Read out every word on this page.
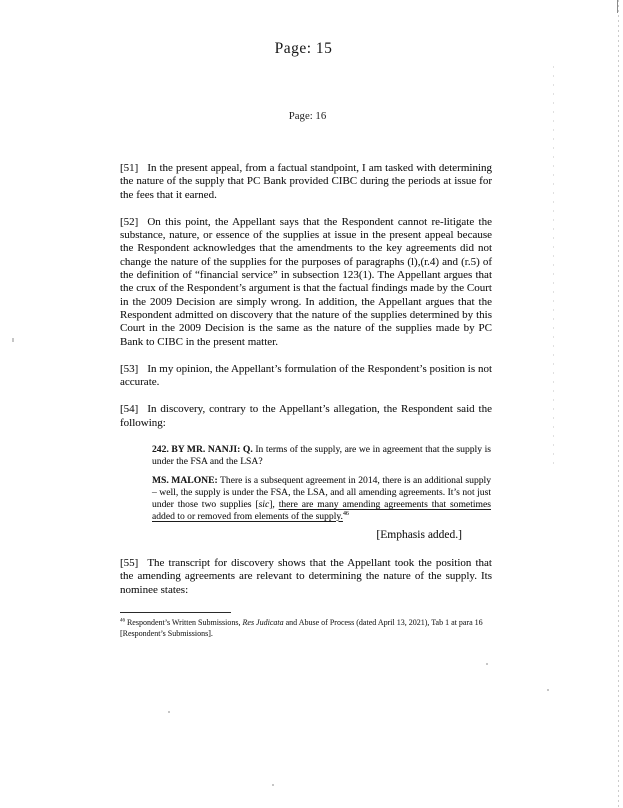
Page: 15
Page: 16

[51] In the present appeal, from a factual standpoint, I am tasked with determining the nature of the supply that PC Bank provided CIBC during the periods at issue for the fees that it earned.

[52] On this point, the Appellant says that the Respondent cannot re-litigate the substance, nature, or essence of the supplies at issue in the present appeal because the Respondent acknowledges that the amendments to the key agreements did not change the nature of the supplies for the purposes of paragraphs (l),(r.4) and (r.5) of the definition of “financial service” in subsection 123(1). The Appellant argues that the crux of the Respondent’s argument is that the factual findings made by the Court in the 2009 Decision are simply wrong. In addition, the Appellant argues that the Respondent admitted on discovery that the nature of the supplies determined by this Court in the 2009 Decision is the same as the nature of the supplies made by PC Bank to CIBC in the present matter.

[53] In my opinion, the Appellant’s formulation of the Respondent’s position is not accurate.

[54] In discovery, contrary to the Appellant’s allegation, the Respondent said the following:

242. BY MR. NANJI: Q. In terms of the supply, are we in agreement that the supply is under the FSA and the LSA?

MS. MALONE: There is a subsequent agreement in 2014, there is an additional supply – well, the supply is under the FSA, the LSA, and all amending agreements. It’s not just under those two supplies [sic], there are many amending agreements that sometimes added to or removed from elements of the supply.$^{46}$

[Emphasis added.]

[55] The transcript for discovery shows that the Appellant took the position that the amending agreements are relevant to determining the nature of the supply. Its nominee states:

$^{46}$ Respondent’s Written Submissions, Res Judicata and Abuse of Process (dated April 13, 2021), Tab 1 at para 16 [Respondent’s Submissions].
